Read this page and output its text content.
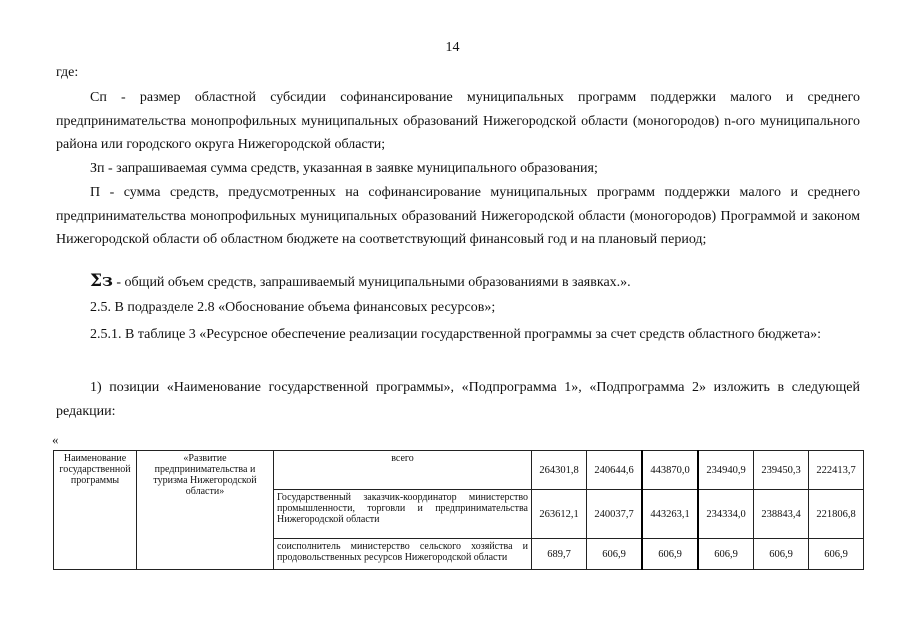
14

где:

Сп - размер областной субсидии софинансирование муниципальных программ поддержки малого и среднего предпринимательства монопрофильных муниципальных образований Нижегородской области (моногородов) n-ого муниципального района или городского округа Нижегородской области;

Зп - запрашиваемая сумма средств, указанная в заявке муниципального образования;

П - сумма средств, предусмотренных на софинансирование муниципальных программ поддержки малого и среднего предпринимательства монопрофильных муниципальных образований Нижегородской области (моногородов) Программой и законом Нижегородской области об областном бюджете на соответствующий финансовый год и на плановый период;

Σз - общий объем средств, запрашиваемый муниципальными образованиями в заявках.».

2.5. В подразделе 2.8 «Обоснование объема финансовых ресурсов»;

2.5.1. В таблице 3 «Ресурсное обеспечение реализации государственной программы за счет средств областного бюджета»:

1) позиции «Наименование государственной программы», «Подпрограмма 1», «Подпрограмма 2» изложить в следующей редакции:

«
Наименование государственной программы	«Развитие предпринимательства и туризма Нижегородской области»	всего	264301,8	240644,6	443870,0	234940,9	239450,3	222413,7
		Государственный заказчик-координатор министерство промышленности, торговли и предпринимательства Нижегородской области	263612,1	240037,7	443263,1	234334,0	238843,4	221806,8
		соисполнитель министерство сельского хозяйства и продовольственных ресурсов Нижегородской области	689,7	606,9	606,9	606,9	606,9	606,9
